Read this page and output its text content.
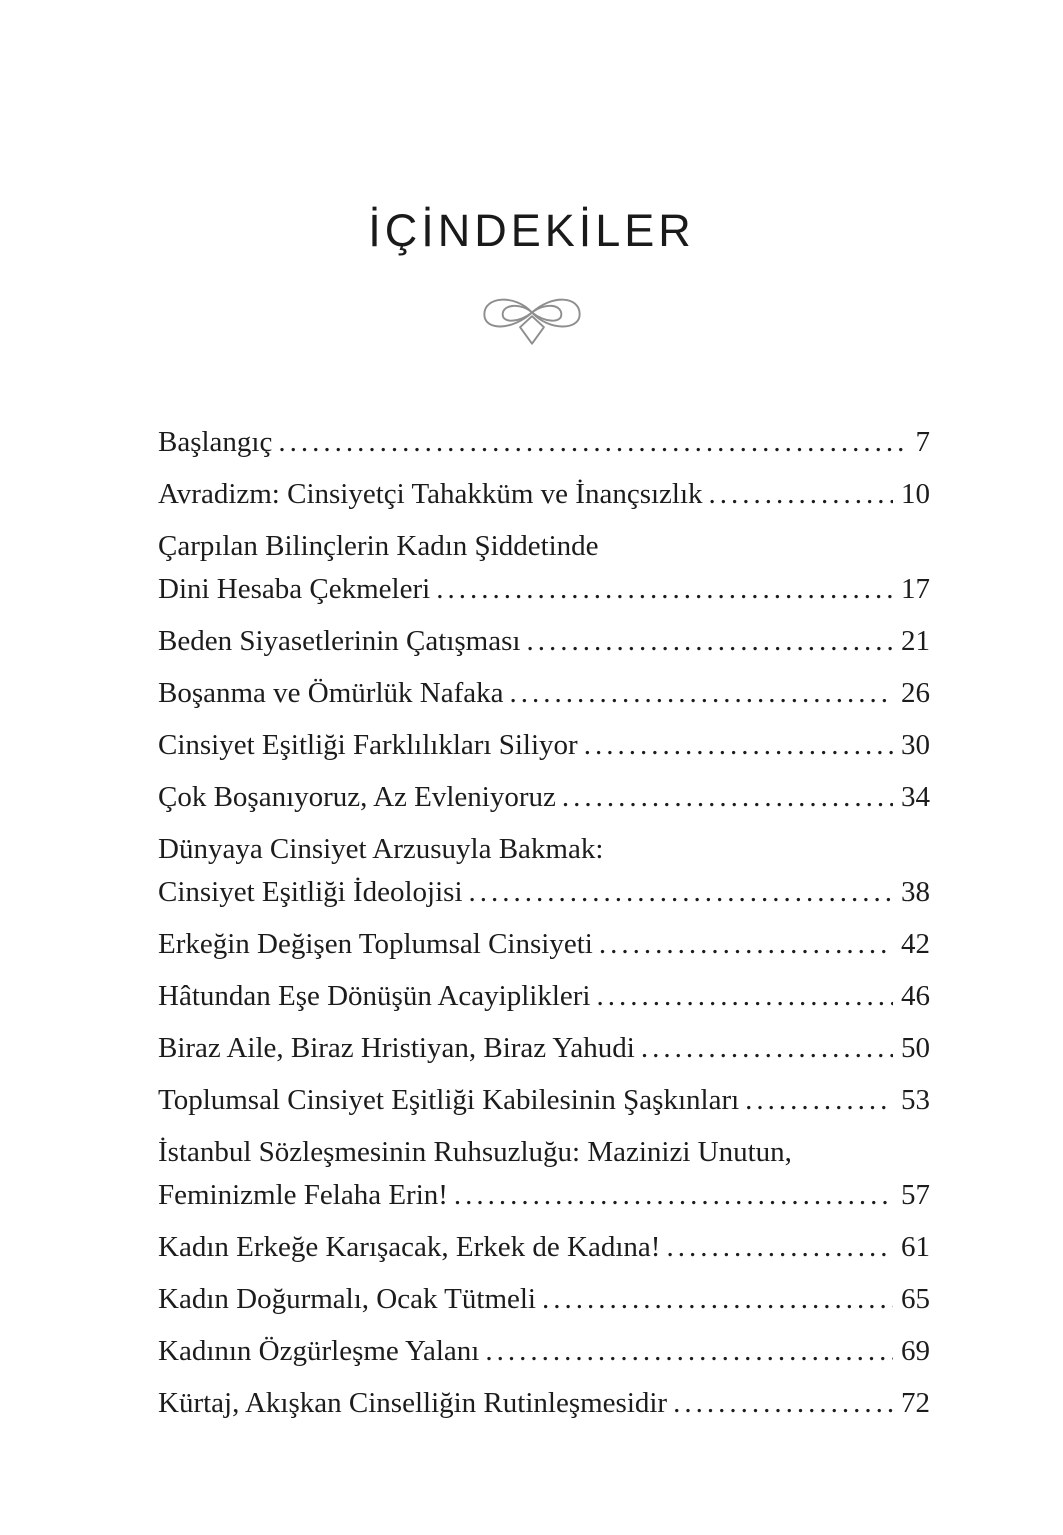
İÇİNDEKİLER
Başlangıç .....	7
Avradizm: Cinsiyetçi Tahakküm ve İnançsızlık .....	10
Çarpılan Bilinçlerin Kadın Şiddetinde
Dini Hesaba Çekmeleri .....	17
Beden Siyasetlerinin Çatışması .....	21
Boşanma ve Ömürlük Nafaka .....	26
Cinsiyet Eşitliği Farklılıkları Siliyor .....	30
Çok Boşanıyoruz, Az Evleniyoruz .....	34
Dünyaya Cinsiyet Arzusuyla Bakmak:
Cinsiyet Eşitliği İdeolojisi .....	38
Erkeğin Değişen Toplumsal Cinsiyeti .....	42
Hâtundan Eşe Dönüşün Acayiplikleri .....	46
Biraz Aile, Biraz Hristiyan, Biraz Yahudi .....	50
Toplumsal Cinsiyet Eşitliği Kabilesinin Şaşkınları .....	53
İstanbul Sözleşmesinin Ruhsuzluğu: Mazinizi Unutun,
Feminizmle Felaha Erin! .....	57
Kadın Erkeğe Karışacak, Erkek de Kadına! .....	61
Kadın Doğurmalı, Ocak Tütmeli .....	65
Kadının Özgürleşme Yalanı .....	69
Kürtaj, Akışkan Cinselliğin Rutinleşmesidir .....	72
